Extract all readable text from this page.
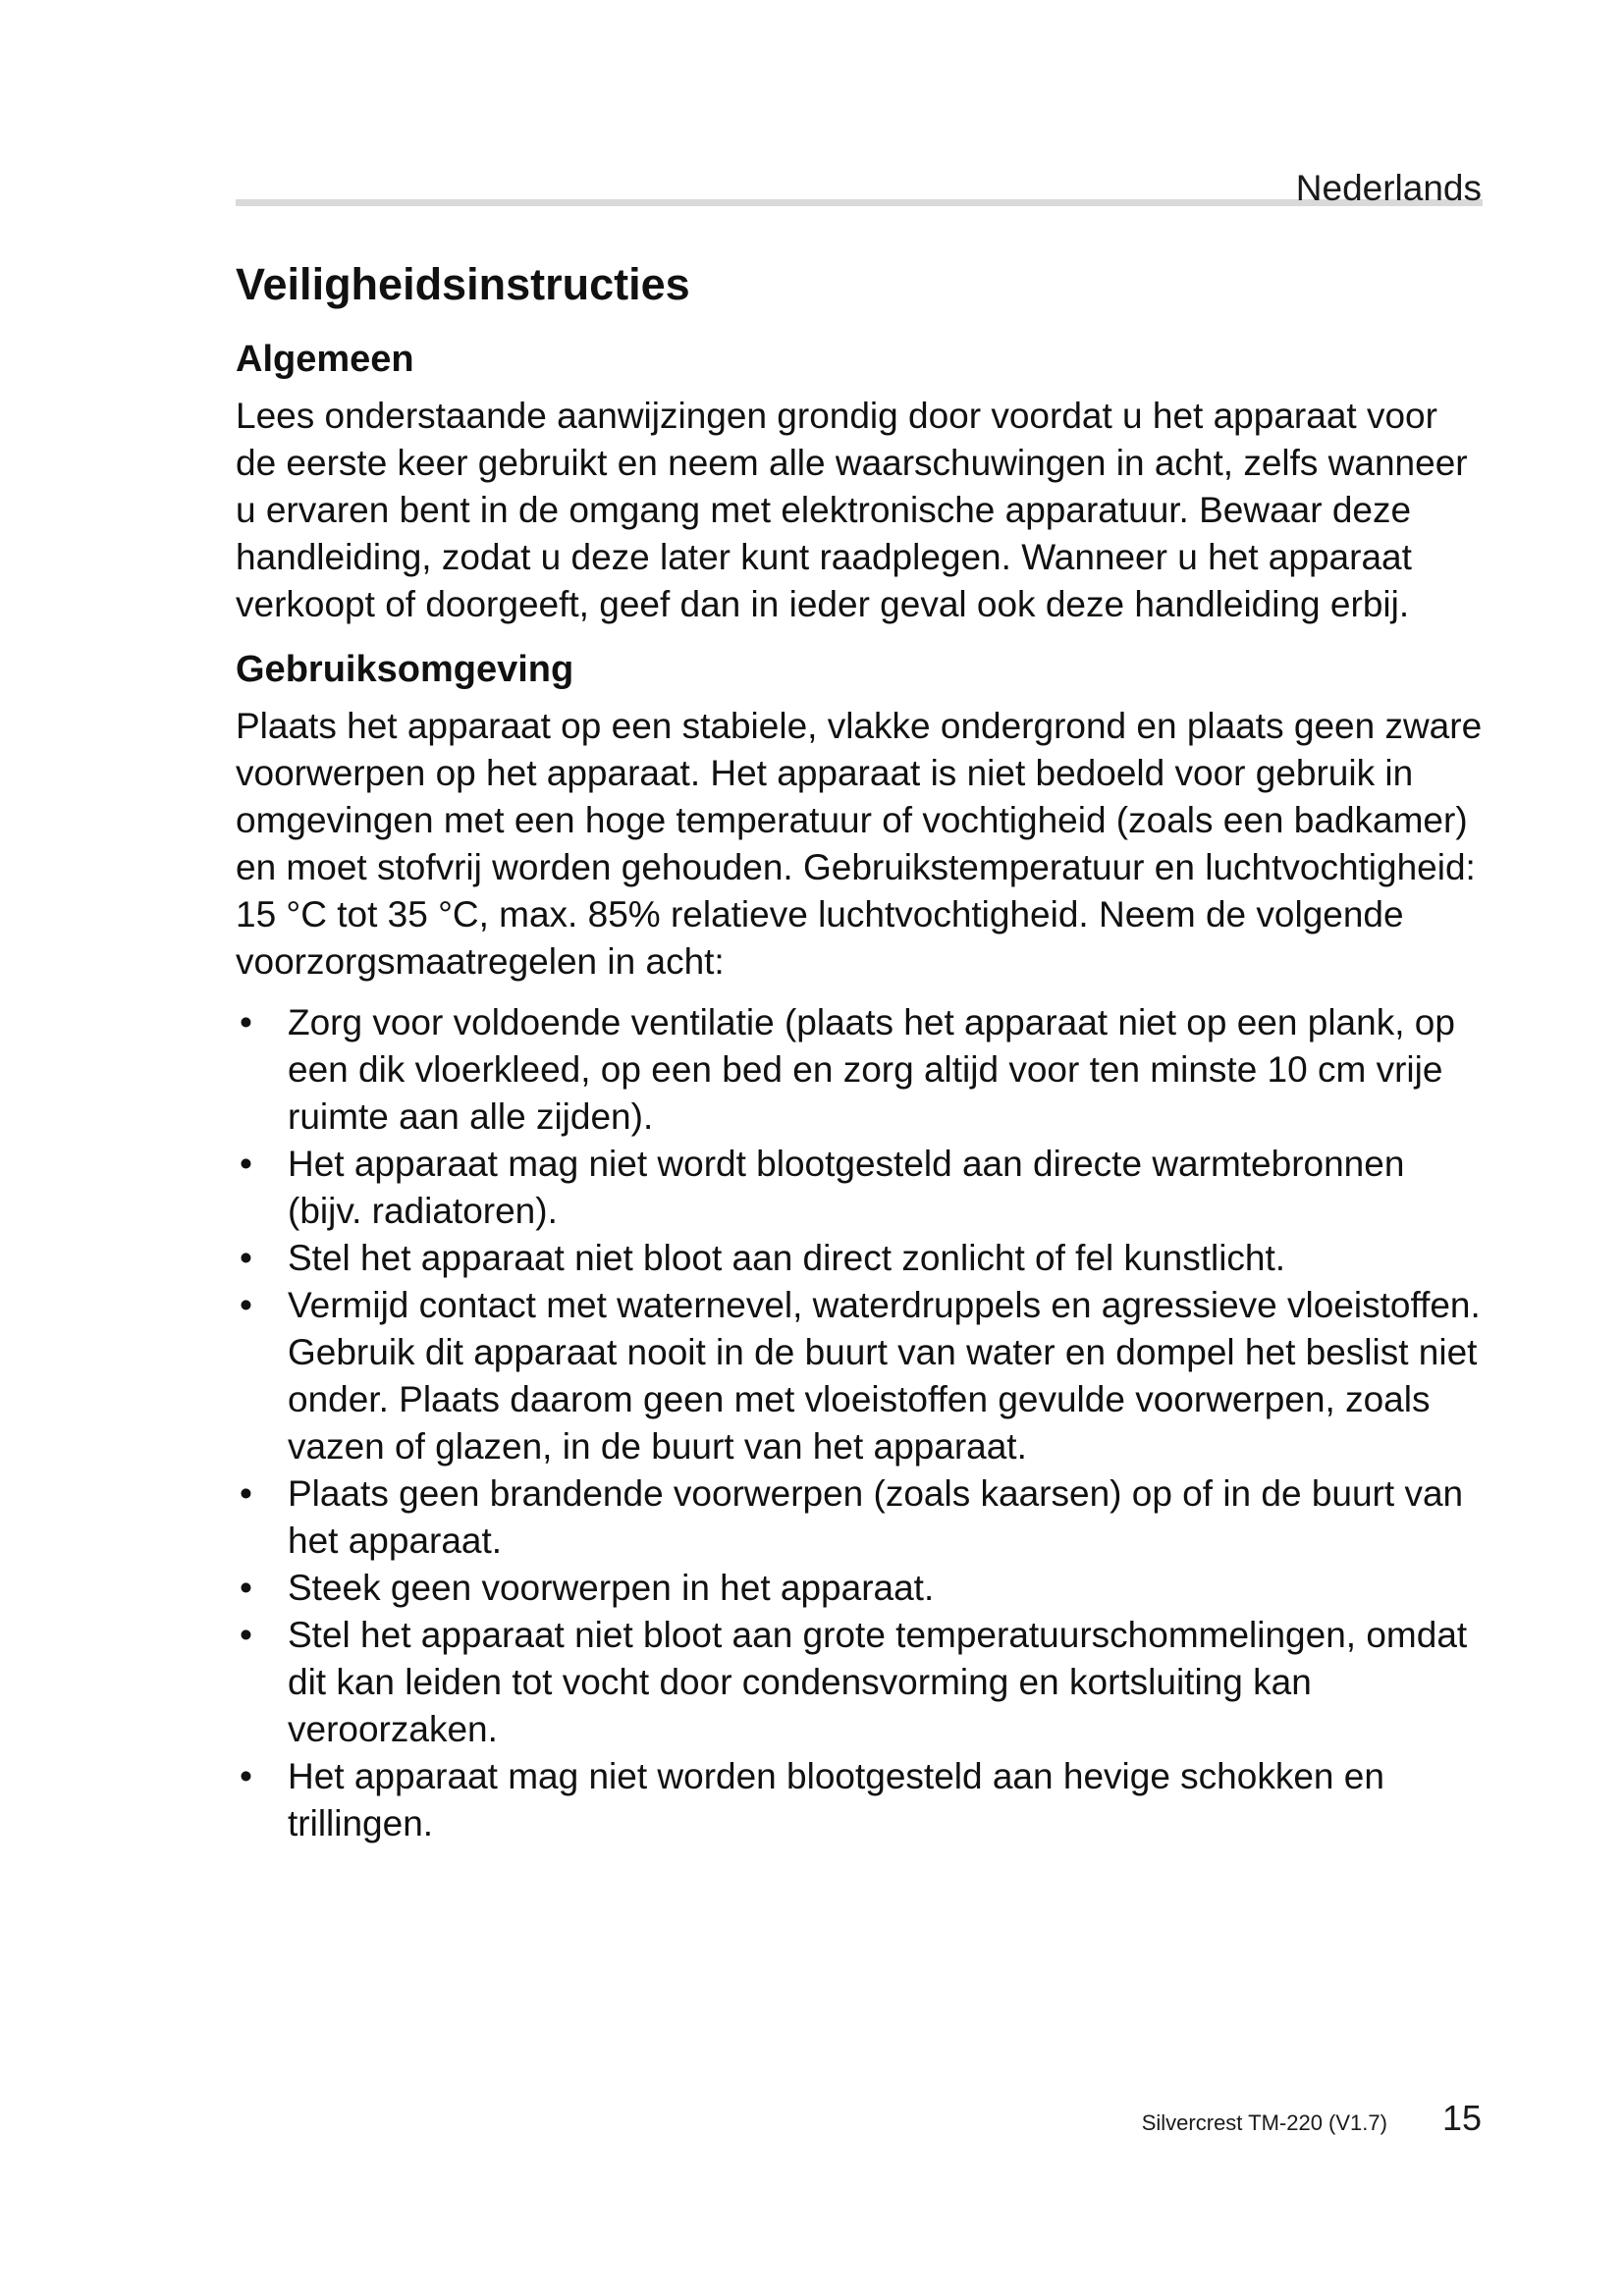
Nederlands
Veiligheidsinstructies
Algemeen

Lees onderstaande aanwijzingen grondig door voordat u het apparaat voor de eerste keer gebruikt en neem alle waarschuwingen in acht, zelfs wanneer u ervaren bent in de omgang met elektronische apparatuur. Bewaar deze handleiding, zodat u deze later kunt raadplegen. Wanneer u het apparaat verkoopt of doorgeeft, geef dan in ieder geval ook deze handleiding erbij.

Gebruiksomgeving

Plaats het apparaat op een stabiele, vlakke ondergrond en plaats geen zware voorwerpen op het apparaat. Het apparaat is niet bedoeld voor gebruik in omgevingen met een hoge temperatuur of vochtigheid (zoals een badkamer) en moet stofvrij worden gehouden. Gebruikstemperatuur en luchtvochtigheid: 15 °C tot 35 °C, max. 85% relatieve luchtvochtigheid. Neem de volgende voorzorgsmaatregelen in acht:

• Zorg voor voldoende ventilatie (plaats het apparaat niet op een plank, op een dik vloerkleed, op een bed en zorg altijd voor ten minste 10 cm vrije ruimte aan alle zijden).
• Het apparaat mag niet wordt blootgesteld aan directe warmtebronnen (bijv. radiatoren).
• Stel het apparaat niet bloot aan direct zonlicht of fel kunstlicht.
• Vermijd contact met waternevel, waterdruppels en agressieve vloeistoffen. Gebruik dit apparaat nooit in de buurt van water en dompel het beslist niet onder. Plaats daarom geen met vloeistoffen gevulde voorwerpen, zoals vazen of glazen, in de buurt van het apparaat.
• Plaats geen brandende voorwerpen (zoals kaarsen) op of in de buurt van het apparaat.
• Steek geen voorwerpen in het apparaat.
• Stel het apparaat niet bloot aan grote temperatuurschommelingen, omdat dit kan leiden tot vocht door condensvorming en kortsluiting kan veroorzaken.
• Het apparaat mag niet worden blootgesteld aan hevige schokken en trillingen.
Silvercrest TM-220 (V1.7) 15
